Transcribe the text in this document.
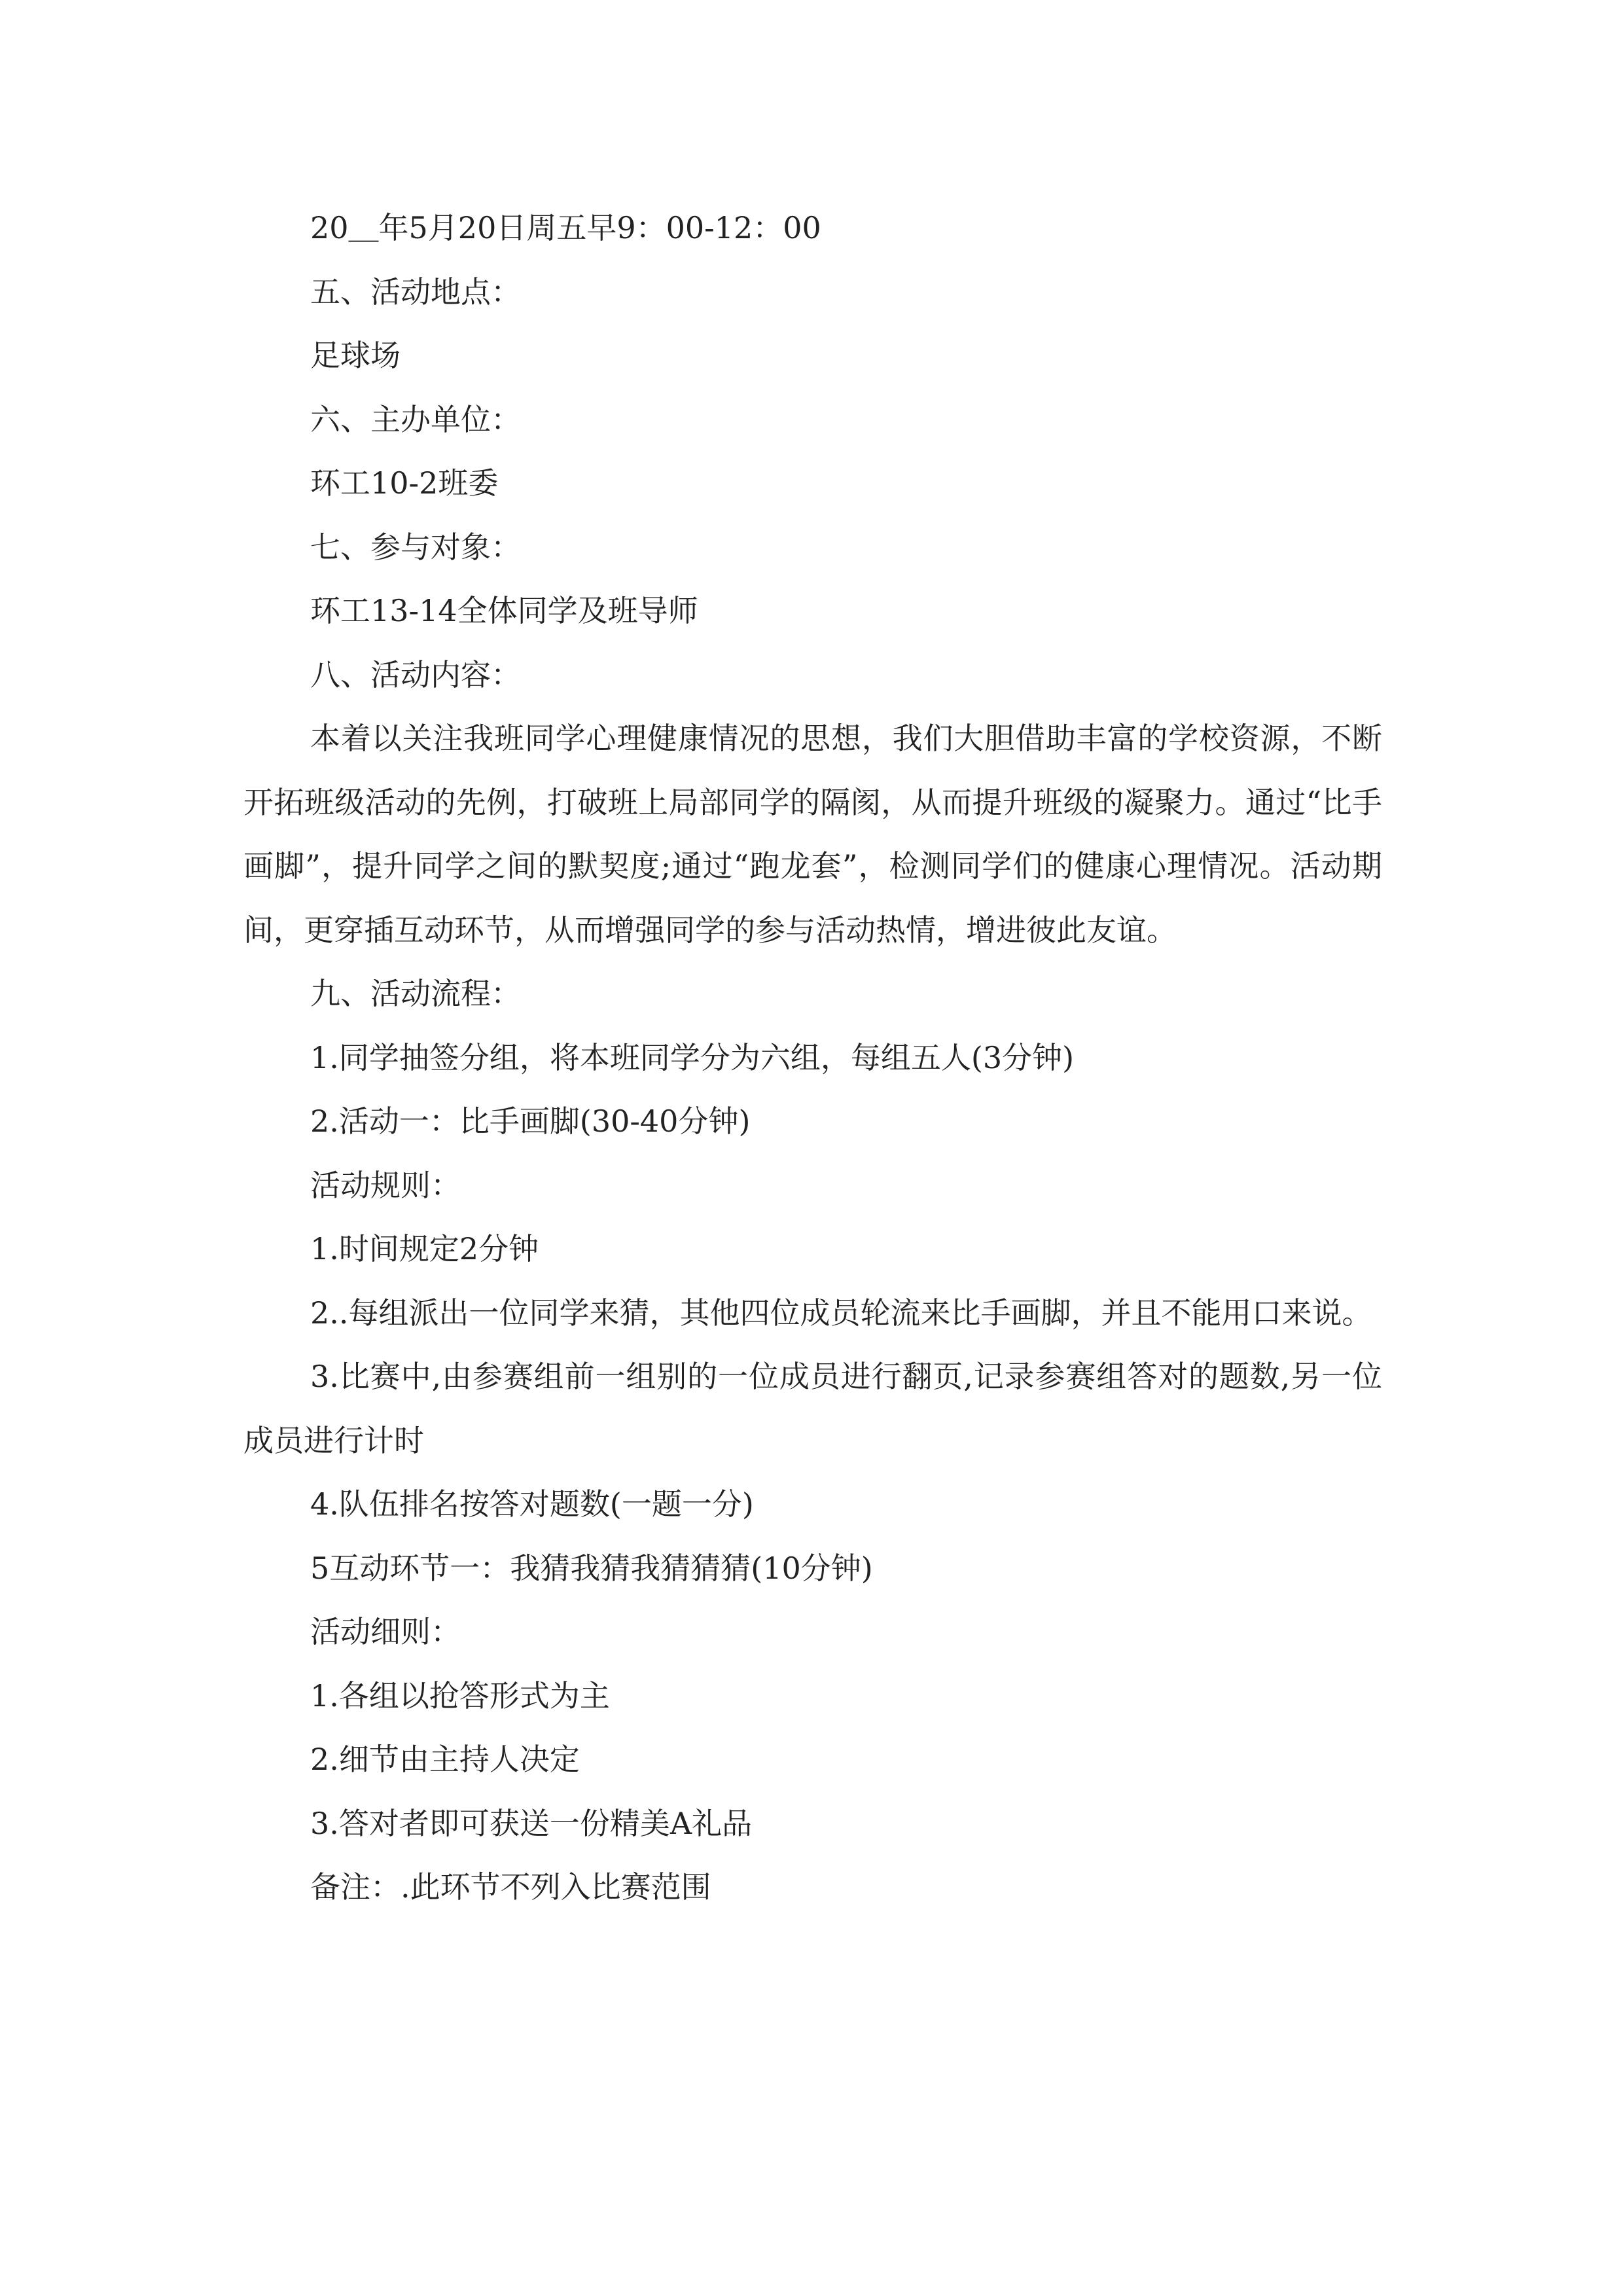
20＿年5月20日周五早9：00-12：00

五、活动地点：

足球场

六、主办单位：

环工10-2班委

七、参与对象：

环工13-14全体同学及班导师

八、活动内容：

本着以关注我班同学心理健康情况的思想，我们大胆借助丰富的学校资源，不断开拓班级活动的先例，打破班上局部同学的隔阂，从而提升班级的凝聚力。通过“比手画脚”，提升同学之间的默契度;通过“跑龙套”，检测同学们的健康心理情况。活动期间，更穿插互动环节，从而增强同学的参与活动热情，增进彼此友谊。

九、活动流程：

1.同学抽签分组，将本班同学分为六组，每组五人(3分钟)

2.活动一：比手画脚(30-40分钟)

活动规则：

1.时间规定2分钟

2..每组派出一位同学来猜，其他四位成员轮流来比手画脚，并且不能用口来说。

3.比赛中,由参赛组前一组别的一位成员进行翻页,记录参赛组答对的题数,另一位成员进行计时

4.队伍排名按答对题数(一题一分)

5互动环节一：我猜我猜我猜猜猜(10分钟)

活动细则：

1.各组以抢答形式为主

2.细节由主持人决定

3.答对者即可获送一份精美A礼品

备注：.此环节不列入比赛范围
